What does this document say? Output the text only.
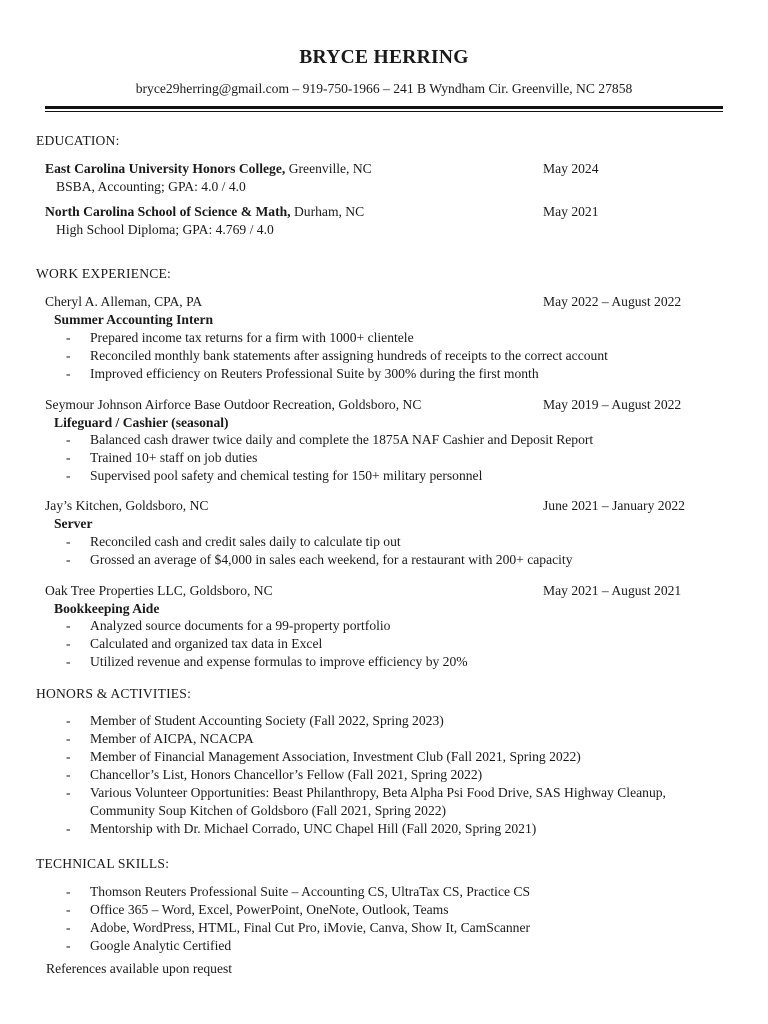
BRYCE HERRING
bryce29herring@gmail.com – 919-750-1966 – 241 B Wyndham Cir. Greenville, NC 27858
EDUCATION:
East Carolina University Honors College, Greenville, NC	May 2024
BSBA, Accounting; GPA: 4.0 / 4.0
North Carolina School of Science & Math, Durham, NC	May 2021
High School Diploma; GPA: 4.769 / 4.0
WORK EXPERIENCE:
Cheryl A. Alleman, CPA, PA	May 2022 – August 2022
Summer Accounting Intern
- Prepared income tax returns for a firm with 1000+ clientele
- Reconciled monthly bank statements after assigning hundreds of receipts to the correct account
- Improved efficiency on Reuters Professional Suite by 300% during the first month
Seymour Johnson Airforce Base Outdoor Recreation, Goldsboro, NC	May 2019 – August 2022
Lifeguard / Cashier (seasonal)
- Balanced cash drawer twice daily and complete the 1875A NAF Cashier and Deposit Report
- Trained 10+ staff on job duties
- Supervised pool safety and chemical testing for 150+ military personnel
Jay’s Kitchen, Goldsboro, NC	June 2021 – January 2022
Server
- Reconciled cash and credit sales daily to calculate tip out
- Grossed an average of $4,000 in sales each weekend, for a restaurant with 200+ capacity
Oak Tree Properties LLC, Goldsboro, NC	May 2021 – August 2021
Bookkeeping Aide
- Analyzed source documents for a 99-property portfolio
- Calculated and organized tax data in Excel
- Utilized revenue and expense formulas to improve efficiency by 20%
HONORS & ACTIVITIES:
- Member of Student Accounting Society (Fall 2022, Spring 2023)
- Member of AICPA, NCACPA
- Member of Financial Management Association, Investment Club (Fall 2021, Spring 2022)
- Chancellor’s List, Honors Chancellor’s Fellow (Fall 2021, Spring 2022)
- Various Volunteer Opportunities: Beast Philanthropy, Beta Alpha Psi Food Drive, SAS Highway Cleanup, Community Soup Kitchen of Goldsboro (Fall 2021, Spring 2022)
- Mentorship with Dr. Michael Corrado, UNC Chapel Hill (Fall 2020, Spring 2021)
TECHNICAL SKILLS:
- Thomson Reuters Professional Suite – Accounting CS, UltraTax CS, Practice CS
- Office 365 – Word, Excel, PowerPoint, OneNote, Outlook, Teams
- Adobe, WordPress, HTML, Final Cut Pro, iMovie, Canva, Show It, CamScanner
- Google Analytic Certified
References available upon request
